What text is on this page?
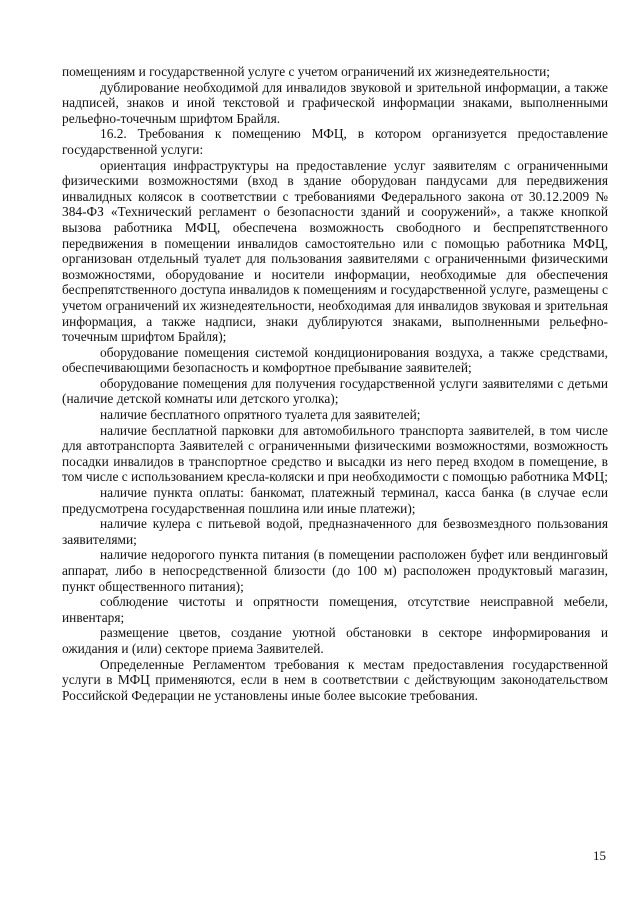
помещениям и государственной услуге с учетом ограничений их жизнедеятельности;

дублирование необходимой для инвалидов звуковой и зрительной информации, а также надписей, знаков и иной текстовой и графической информации знаками, выполненными рельефно-точечным шрифтом Брайля.

16.2. Требования к помещению МФЦ, в котором организуется предоставление государственной услуги:

ориентация инфраструктуры на предоставление услуг заявителям с ограниченными физическими возможностями (вход в здание оборудован пандусами для передвижения инвалидных колясок в соответствии с требованиями Федерального закона от 30.12.2009 № 384-ФЗ «Технический регламент о безопасности зданий и сооружений», а также кнопкой вызова работника МФЦ, обеспечена возможность свободного и беспрепятственного передвижения в помещении инвалидов самостоятельно или с помощью работника МФЦ, организован отдельный туалет для пользования заявителями с ограниченными физическими возможностями, оборудование и носители информации, необходимые для обеспечения беспрепятственного доступа инвалидов к помещениям и государственной услуге, размещены с учетом ограничений их жизнедеятельности, необходимая для инвалидов звуковая и зрительная информация, а также надписи, знаки дублируются знаками, выполненными рельефно-точечным шрифтом Брайля);

оборудование помещения системой кондиционирования воздуха, а также средствами, обеспечивающими безопасность и комфортное пребывание заявителей;

оборудование помещения для получения государственной услуги заявителями с детьми (наличие детской комнаты или детского уголка);

наличие бесплатного опрятного туалета для заявителей;

наличие бесплатной парковки для автомобильного транспорта заявителей, в том числе для автотранспорта Заявителей с ограниченными физическими возможностями, возможность посадки инвалидов в транспортное средство и высадки из него перед входом в помещение, в том числе с использованием кресла-коляски и при необходимости с помощью работника МФЦ;

наличие пункта оплаты: банкомат, платежный терминал, касса банка (в случае если предусмотрена государственная пошлина или иные платежи);

наличие кулера с питьевой водой, предназначенного для безвозмездного пользования заявителями;

наличие недорогого пункта питания (в помещении расположен буфет или вендинговый аппарат, либо в непосредственной близости (до 100 м) расположен продуктовый магазин, пункт общественного питания);

соблюдение чистоты и опрятности помещения, отсутствие неисправной мебели, инвентаря;

размещение цветов, создание уютной обстановки в секторе информирования и ожидания и (или) секторе приема Заявителей.

Определенные Регламентом требования к местам предоставления государственной услуги в МФЦ применяются, если в нем в соответствии с действующим законодательством Российской Федерации не установлены иные более высокие требования.

15
